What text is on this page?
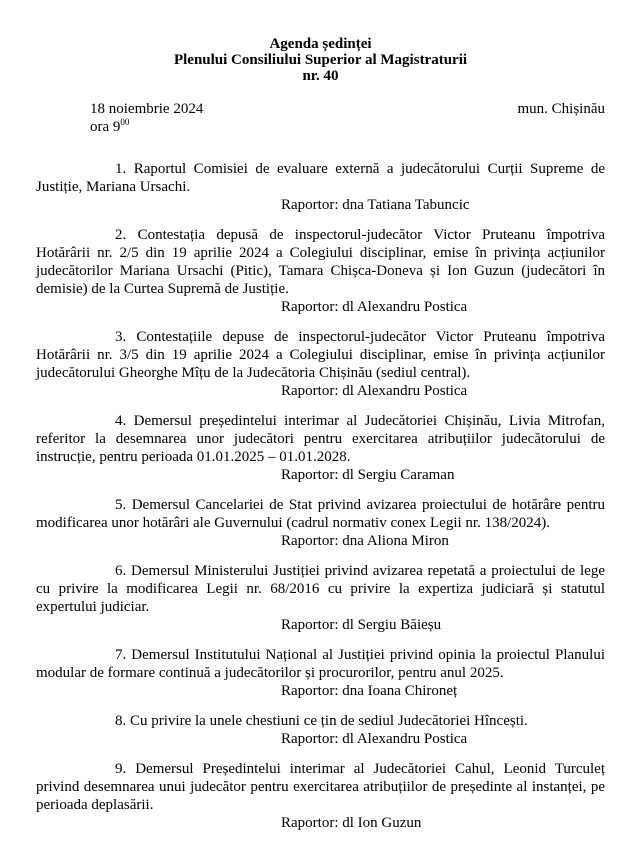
Agenda ședinței
Plenului Consiliului Superior al Magistraturii
nr. 40
18 noiembrie 2024	mun. Chișinău
ora $9^{00}$

1. Raportul Comisiei de evaluare externă a judecătorului Curții Supreme de Justiție, Mariana Ursachi.

Raportor: dna Tatiana Tabuncic

2. Contestația depusă de inspectorul-judecător Victor Pruteanu împotriva Hotărârii nr. 2/5 din 19 aprilie 2024 a Colegiului disciplinar, emise în privința acțiunilor judecătorilor Mariana Ursachi (Pitic), Tamara Chișca-Doneva și Ion Guzun (judecători în demisie) de la Curtea Supremă de Justiție.

Raportor: dl Alexandru Postica

3. Contestațiile depuse de inspectorul-judecător Victor Pruteanu împotriva Hotărârii nr. 3/5 din 19 aprilie 2024 a Colegiului disciplinar, emise în privința acțiunilor judecătorului Gheorghe Mîțu de la Judecătoria Chișinău (sediul central).

Raportor: dl Alexandru Postica

4. Demersul președintelui interimar al Judecătoriei Chișinău, Livia Mitrofan, referitor la desemnarea unor judecători pentru exercitarea atribuțiilor judecătorului de instrucție, pentru perioada 01.01.2025 – 01.01.2028.

Raportor: dl Sergiu Caraman

5. Demersul Cancelariei de Stat privind avizarea proiectului de hotărâre pentru modificarea unor hotărâri ale Guvernului (cadrul normativ conex Legii nr. 138/2024).

Raportor: dna Aliona Miron

6. Demersul Ministerului Justiției privind avizarea repetată a proiectului de lege cu privire la modificarea Legii nr. 68/2016 cu privire la expertiza judiciară și statutul expertului judiciar.

Raportor: dl Sergiu Băieșu

7. Demersul Institutului Național al Justiției privind opinia la proiectul Planului modular de formare continuă a judecătorilor și procurorilor, pentru anul 2025.

Raportor: dna Ioana Chironeț

8. Cu privire la unele chestiuni ce țin de sediul Judecătoriei Hîncești.

Raportor: dl Alexandru Postica

9. Demersul Președintelui interimar al Judecătoriei Cahul, Leonid Turculeț privind desemnarea unui judecător pentru exercitarea atribuțiilor de președinte al instanței, pe perioada deplasării.

Raportor: dl Ion Guzun
